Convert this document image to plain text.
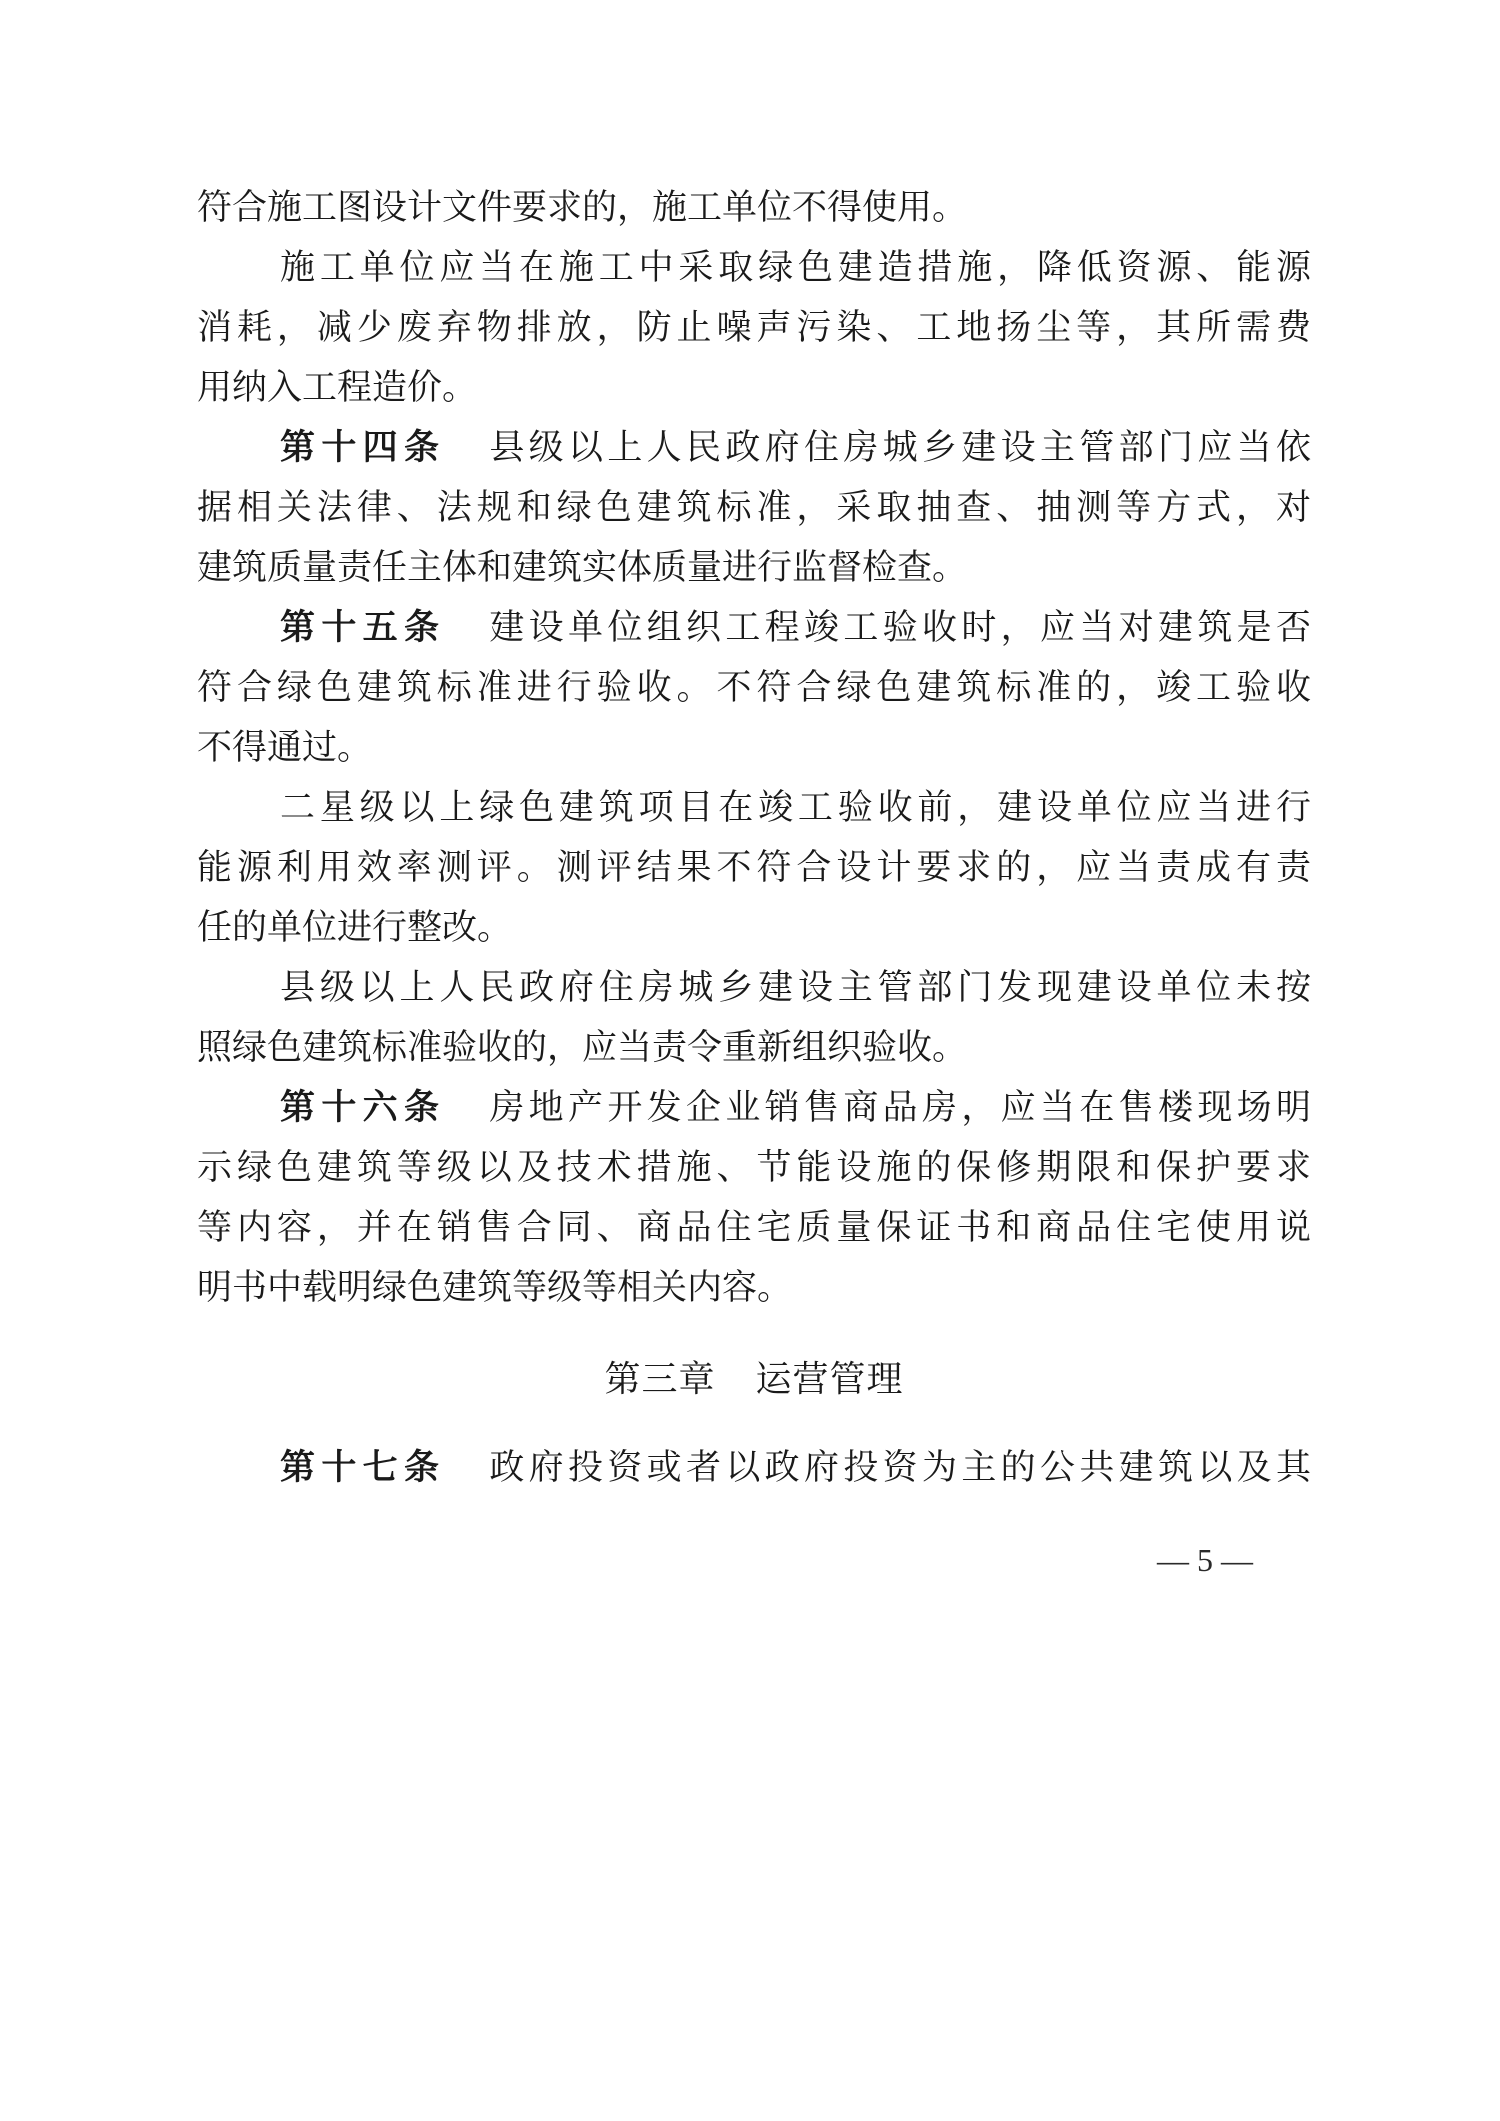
符合施工图设计文件要求的，施工单位不得使用。
施工单位应当在施工中采取绿色建造措施，降低资源、能源
消耗，减少废弃物排放，防止噪声污染、工地扬尘等，其所需费
用纳入工程造价。
第十四条 县级以上人民政府住房城乡建设主管部门应当依
据相关法律、法规和绿色建筑标准，采取抽查、抽测等方式，对
建筑质量责任主体和建筑实体质量进行监督检查。
第十五条 建设单位组织工程竣工验收时，应当对建筑是否
符合绿色建筑标准进行验收。不符合绿色建筑标准的，竣工验收
不得通过。
二星级以上绿色建筑项目在竣工验收前，建设单位应当进行
能源利用效率测评。测评结果不符合设计要求的，应当责成有责
任的单位进行整改。
县级以上人民政府住房城乡建设主管部门发现建设单位未按
照绿色建筑标准验收的，应当责令重新组织验收。
第十六条 房地产开发企业销售商品房，应当在售楼现场明
示绿色建筑等级以及技术措施、节能设施的保修期限和保护要求
等内容，并在销售合同、商品住宅质量保证书和商品住宅使用说
明书中载明绿色建筑等级等相关内容。
第三章 运营管理
第十七条 政府投资或者以政府投资为主的公共建筑以及其
— 5 —
